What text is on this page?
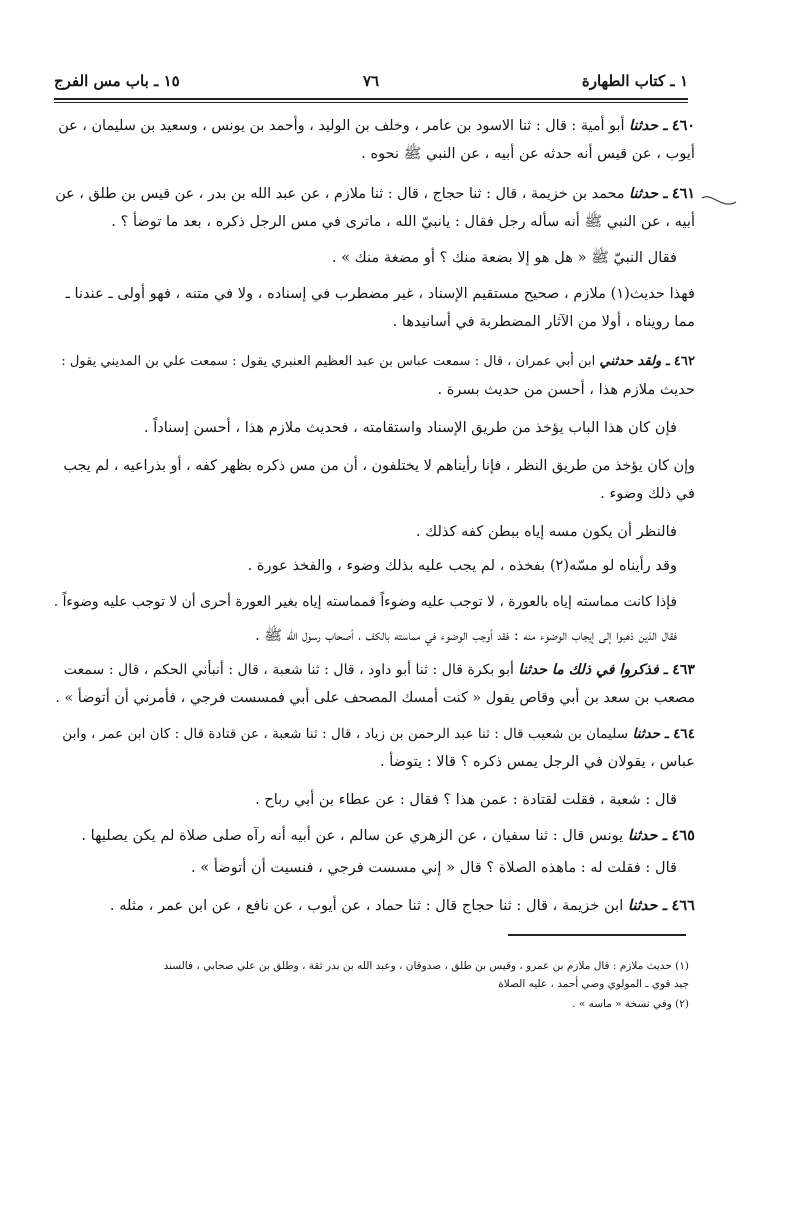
١ ـ كتاب الطهارة
٧٦
١٥ ـ باب مس الفرج
٤٦٠ ـ حدثنا أبو أمية : قال : ثنا الاسود بن عامر ، وخلف بن الوليد ، وأحمد بن يونس ، وسعيد بن سليمان ، عن
أيوب ، عن قيس أنه حدثه عن أبيه ، عن النبي ﷺ نحوه .
٤٦١ ـ حدثنا محمد بن خزيمة ، قال : ثنا حجاج ، قال : ثنا ملازم ، عن عبد الله بن بدر ، عن قيس بن طلق ، عن
أبيه ، عن النبي ﷺ أنه سأله رجل فقال : يانبيّ الله ، ماترى في مس الرجل ذكره ، بعد ما توضأ ؟ .
فقال النبيّ ﷺ « هل هو إلا بضعة منك ؟ أو مضغة منك » .
فهذا حديث(١) ملازم ، صحيح مستقيم الإسناد ، غير مضطرب في إسناده ، ولا في متنه ، فهو أولى ـ عندنا ـ
مما رويناه ، أولا من الآثار المضطربة في أسانيدها .
٤٦٢ ـ ولقد حدثني ابن أبي عمران ، قال : سمعت عباس بن عبد العظيم العنبري يقول : سمعت علي بن المديني يقول :
حديث ملازم هذا ، أحسن من حديث بسرة .
فإن كان هذا الباب يؤخذ من طريق الإسناد واستقامته ، فحديث ملازم هذا ، أحسن إسناداً .
وإن كان يؤخذ من طريق النظر ، فإنا رأيناهم لا يختلفون ، أن من مس ذكره بظهر كفه ، أو بذراعيه ، لم يجب
في ذلك وضوء .
فالنظر أن يكون مسه إياه ببطن كفه كذلك .
وقد رأيناه لو مسّه(٢) بفخذه ، لم يجب عليه بذلك وضوء ، والفخذ عورة .
فإذا كانت مماسته إياه بالعورة ، لا توجب عليه وضوءاً فمماسته إياه بغير العورة أحرى أن لا توجب عليه وضوءاً .
فقال الذين ذهبوا إلى إيجاب الوضوء منه : فقد أوجب الوضوء في مماسته بالكف ، أصحاب رسول الله ﷺ .
٤٦٣ ـ فذكروا في ذلك ما حدثنا أبو بكرة قال : ثنا أبو داود ، قال : ثنا شعبة ، قال : أنبأني الحكم ، قال : سمعت
مصعب بن سعد بن أبي وقاص يقول « كنت أمسك المصحف على أبي فمسست فرجي ، فأمرني أن أتوضأ » .
٤٦٤ ـ حدثنا سليمان بن شعيب قال : ثنا عبد الرحمن بن زياد ، قال : ثنا شعبة ، عن قتادة قال : كان ابن عمر ، وابن
عباس ، يقولان في الرجل يمس ذكره ؟ قالا : يتوضأ .
قال : شعبة ، فقلت لقتادة : عمن هذا ؟ فقال : عن عطاء بن أبي رباح .
٤٦٥ ـ حدثنا يونس قال : ثنا سفيان ، عن الزهري عن سالم ، عن أبيه أنه رآه صلى صلاة لم يكن يصليها .
قال : فقلت له : ماهذه الصلاة ؟ قال « إني مسست فرجي ، فنسيت أن أتوضأ » .
٤٦٦ ـ حدثنا ابن خزيمة ، قال : ثنا حجاج قال : ثنا حماد ، عن أيوب ، عن نافع ، عن ابن عمر ، مثله .
(١) حديث ملازم : قال ملازم بن عمرو ، وقيس بن طلق ، صدوقان ، وعبد الله بن بدر ثقة ، وطلق بن علي صحابي ، فالسند
جيد قوي ـ المولوي وصي أحمد ، عليه الصلاة
(٢) وفي نسخة « ماسه » .
